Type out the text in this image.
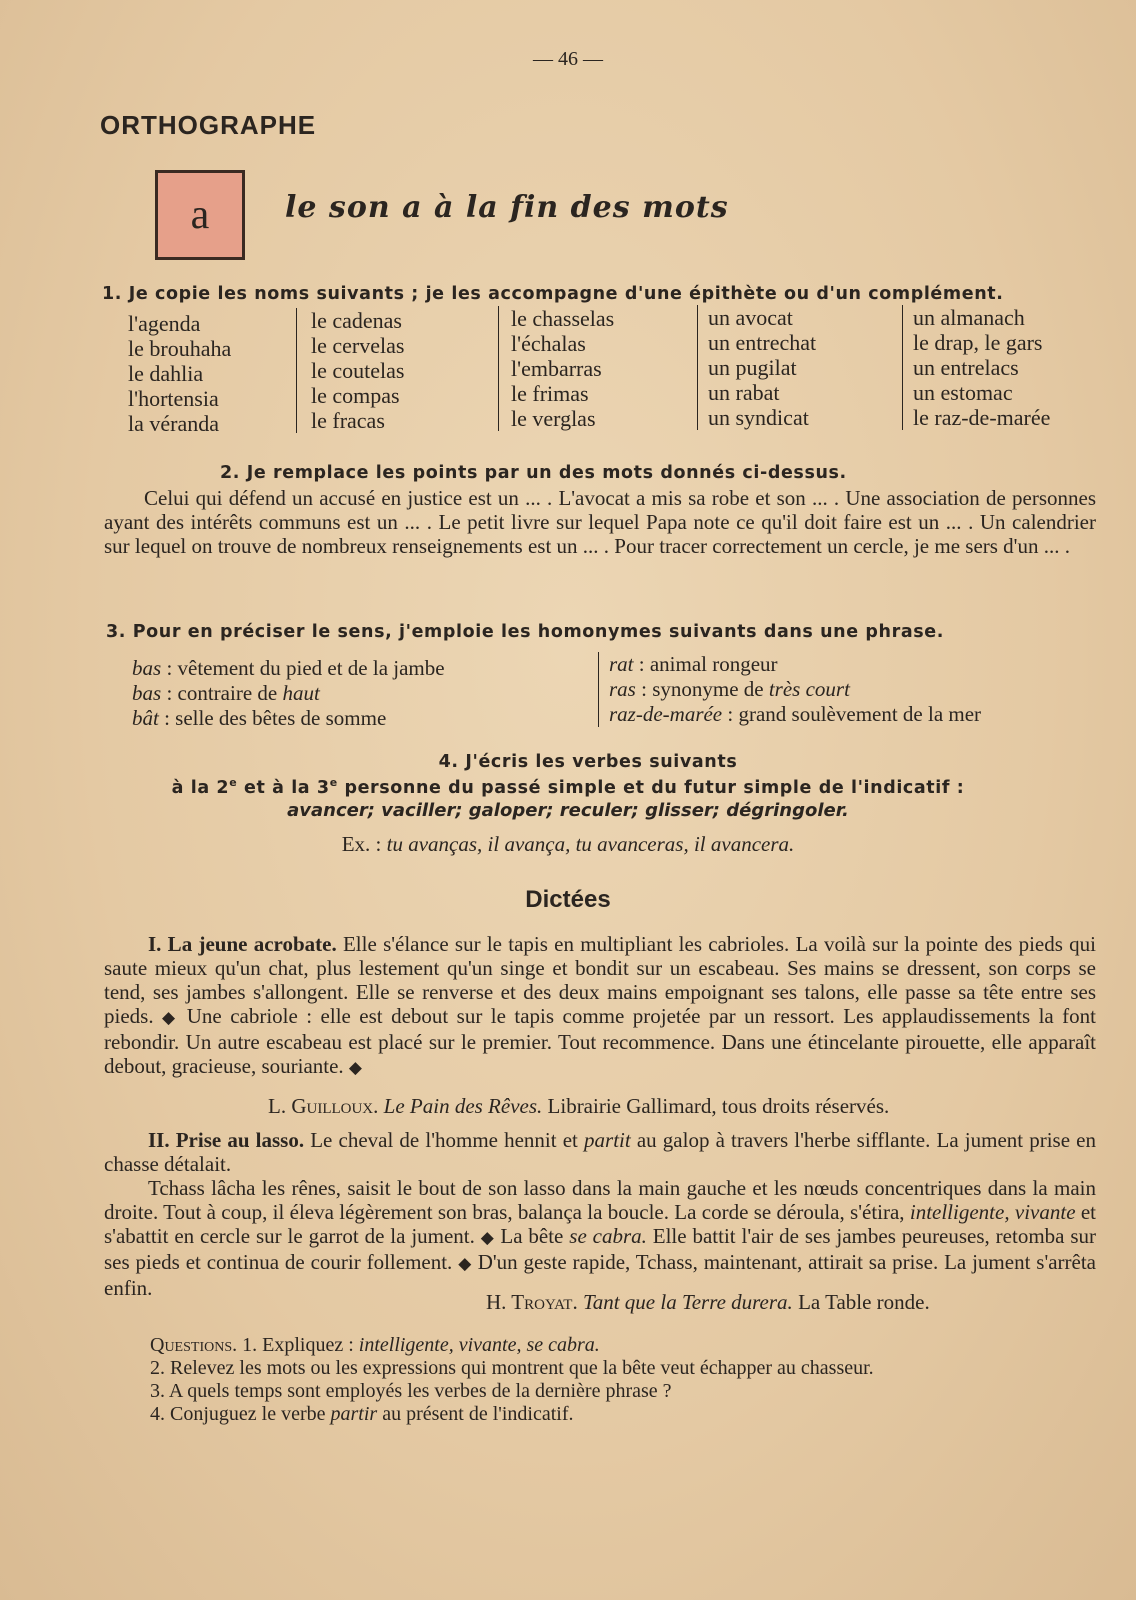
— 46 —
ORTHOGRAPHE
a	le son a à la fin des mots
1. Je copie les noms suivants ; je les accompagne d'une épithète ou d'un complément.
l'agenda
le brouhaha
le dahlia
l'hortensia
la véranda
le cadenas
le cervelas
le coutelas
le compas
le fracas
le chasselas
l'échalas
l'embarras
le frimas
le verglas
un avocat
un entrechat
un pugilat
un rabat
un syndicat
un almanach
le drap, le gars
un entrelacs
un estomac
le raz-de-marée
2. Je remplace les points par un des mots donnés ci-dessus.
Celui qui défend un accusé en justice est un ... . L'avocat a mis sa robe et son ... . Une association de personnes ayant des intérêts communs est un ... . Le petit livre sur lequel Papa note ce qu'il doit faire est un ... . Un calendrier sur lequel on trouve de nombreux renseignements est un ... . Pour tracer correctement un cercle, je me sers d'un ... .
3. Pour en préciser le sens, j'emploie les homonymes suivants dans une phrase.
bas : vêtement du pied et de la jambe
bas : contraire de haut
bât : selle des bêtes de somme
rat : animal rongeur
ras : synonyme de très court
raz-de-marée : grand soulèvement de la mer
4. J'écris les verbes suivants
à la 2e et à la 3e personne du passé simple et du futur simple de l'indicatif :
avancer; vaciller; galoper; reculer; glisser; dégringoler.
Ex. : tu avanças, il avança, tu avanceras, il avancera.
Dictées
I. La jeune acrobate. Elle s'élance sur le tapis en multipliant les cabrioles. La voilà sur la pointe des pieds qui saute mieux qu'un chat, plus lestement qu'un singe et bondit sur un escabeau. Ses mains se dressent, son corps se tend, ses jambes s'allongent. Elle se renverse et des deux mains empoignant ses talons, elle passe sa tête entre ses pieds. ◆ Une cabriole : elle est debout sur le tapis comme projetée par un ressort. Les applaudissements la font rebondir. Un autre escabeau est placé sur le premier. Tout recommence. Dans une étincelante pirouette, elle apparaît debout, gracieuse, souriante. ◆
L. Guilloux. Le Pain des Rêves. Librairie Gallimard, tous droits réservés.
II. Prise au lasso. Le cheval de l'homme hennit et partit au galop à travers l'herbe sifflante. La jument prise en chasse détalait.
Tchass lâcha les rênes, saisit le bout de son lasso dans la main gauche et les nœuds concentriques dans la main droite. Tout à coup, il éleva légèrement son bras, balança la boucle. La corde se déroula, s'étira, intelligente, vivante et s'abattit en cercle sur le garrot de la jument. ◆ La bête se cabra. Elle battit l'air de ses jambes peureuses, retomba sur ses pieds et continua de courir follement. ◆ D'un geste rapide, Tchass, maintenant, attirait sa prise. La jument s'arrêta enfin.
H. Troyat. Tant que la Terre durera. La Table ronde.
Questions. 1. Expliquez : intelligente, vivante, se cabra.
2. Relevez les mots ou les expressions qui montrent que la bête veut échapper au chasseur.
3. A quels temps sont employés les verbes de la dernière phrase ?
4. Conjuguez le verbe partir au présent de l'indicatif.
